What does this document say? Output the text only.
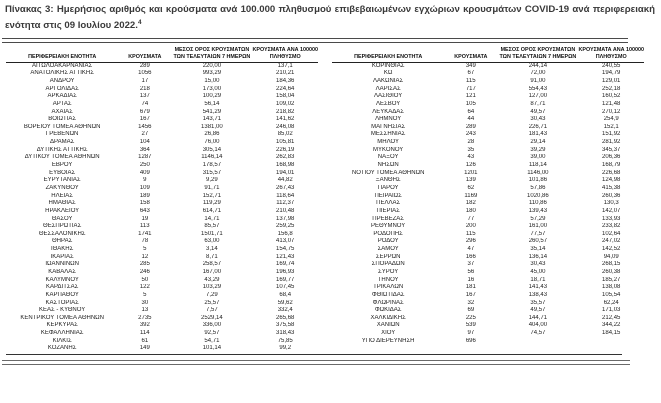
Πίνακας 3: Ημερήσιος αριθμός και κρούσματα ανά 100.000 πληθυσμού επιβεβαιωμένων εγχώριων κρουσμάτων COVID-19 ανά περιφερειακή ενότητα στις 09 Ιουλίου 2022.$^4$
ΠΕΡΙΦΕΡΕΙΑΚΗ ΕΝΟΤΗΤΑ	ΚΡΟΥΣΜΑΤΑ	ΜΕΣΟΣ ΟΡΟΣ ΚΡΟΥΣΜΑΤΩΝ
ΤΩΝ ΤΕΛΕΥΤΑΙΩΝ 7 ΗΜΕΡΩΝ	ΚΡΟΥΣΜΑΤΑ ΑΝΑ 100000
ΠΛΗΘΥΣΜΟ

ΑΙΤΩΛΟΑΚΑΡΝΑΝΙΑΣ	289	220,00	137,1
ΑΝΑΤΟΛΙΚΗΣ ΑΤΤΙΚΗΣ	1056	993,29	210,21
ΑΝΔΡΟΥ	17	15,00	184,36
ΑΡΓΟΛΙΔΑΣ	218	173,00	224,64
ΑΡΚΑΔΙΑΣ	137	100,29	158,04
ΑΡΤΑΣ	74	56,14	109,02
ΑΧΑΪΑΣ	679	541,29	218,82
ΒΟΙΩΤΙΑΣ	167	143,71	141,62
ΒΟΡΕΙΟΥ ΤΟΜΕΑ ΑΘΗΝΩΝ	1456	1381,00	246,08
ΓΡΕΒΕΝΩΝ	27	26,86	85,02
ΔΡΑΜΑΣ	104	76,00	105,81
ΔΥΤΙΚΗΣ ΑΤΤΙΚΗΣ	364	305,14	226,19
ΔΥΤΙΚΟΥ ΤΟΜΕΑ ΑΘΗΝΩΝ	1287	1146,14	262,83
ΕΒΡΟΥ	250	178,57	168,98
ΕΥΒΟΙΑΣ	409	315,57	194,01
ΕΥΡΥΤΑΝΙΑΣ	9	9,29	44,82
ΖΑΚΥΝΘΟΥ	109	91,71	267,43
ΗΛΕΙΑΣ	189	152,71	118,64
ΗΜΑΘΙΑΣ	158	119,29	112,37
ΗΡΑΚΛΕΙΟΥ	643	614,71	210,48
ΘΑΣΟΥ	19	14,71	137,98
ΘΕΣΠΡΩΤΙΑΣ	113	85,57	259,25
ΘΕΣΣΑΛΟΝΙΚΗΣ	1741	1501,71	156,8
ΘΗΡΑΣ	78	63,00	413,07
ΙΘΑΚΗΣ	5	3,14	154,75
ΙΚΑΡΙΑΣ	12	8,71	121,43
ΙΩΑΝΝΙΝΩΝ	285	258,57	169,74
ΚΑΒΑΛΑΣ	246	167,00	196,93
ΚΑΛΥΜΝΟΥ	50	43,29	169,77
ΚΑΡΔΙΤΣΑΣ	122	103,29	107,45
ΚΑΡΠΑΘΟΥ	5	7,29	68,4
ΚΑΣΤΟΡΙΑΣ	30	25,57	59,62
ΚΕΑΣ - ΚΥΘΝΟΥ	13	7,57	332,4
ΚΕΝΤΡΙΚΟΥ ΤΟΜΕΑ ΑΘΗΝΩΝ	2735	2529,14	265,68
ΚΕΡΚΥΡΑΣ	392	336,00	375,58
ΚΕΦΑΛΛΗΝΙΑΣ	114	92,57	318,43
ΚΙΛΚΙΣ	61	54,71	75,85
ΚΟΖΑΝΗΣ	149	101,14	99,2
ΠΕΡΙΦΕΡΕΙΑΚΗ ΕΝΟΤΗΤΑ	ΚΡΟΥΣΜΑΤΑ	ΜΕΣΟΣ ΟΡΟΣ ΚΡΟΥΣΜΑΤΩΝ
ΤΩΝ ΤΕΛΕΥΤΑΙΩΝ 7 ΗΜΕΡΩΝ	ΚΡΟΥΣΜΑΤΑ ΑΝΑ 100000
ΠΛΗΘΥΣΜΟ

ΚΟΡΙΝΘΙΑΣ	349	244,14	240,55
ΚΩ	67	72,00	194,79
ΛΑΚΩΝΙΑΣ	115	91,00	129,01
ΛΑΡΙΣΑΣ	717	554,43	252,18
ΛΑΣΙΘΙΟΥ	121	127,00	160,52
ΛΕΣΒΟΥ	105	87,71	121,48
ΛΕΥΚΑΔΑΣ	64	49,57	270,12
ΛΗΜΝΟΥ	44	30,43	254,9
ΜΑΓΝΗΣΙΑΣ	289	226,71	152,1
ΜΕΣΣΗΝΙΑΣ	243	181,43	151,92
ΜΗΛΟΥ	28	29,14	281,92
ΜΥΚΟΝΟΥ	35	39,29	345,37
ΝΑΞΟΥ	43	39,00	206,36
ΝΗΣΩΝ	126	118,14	168,79
ΝΟΤΙΟΥ ΤΟΜΕΑ ΑΘΗΝΩΝ	1201	1146,00	226,68
ΞΑΝΘΗΣ	139	101,86	124,98
ΠΑΡΟΥ	62	57,86	415,38
ΠΕΙΡΑΙΩΣ	1169	1020,86	260,36
ΠΕΛΛΑΣ	182	110,86	130,3
ΠΙΕΡΙΑΣ	180	139,43	142,07
ΠΡΕΒΕΖΑΣ	77	57,29	133,93
ΡΕΘΥΜΝΟΥ	200	161,00	233,82
ΡΟΔΟΠΗΣ	115	77,57	102,64
ΡΟΔΟΥ	296	260,57	247,02
ΣΑΜΟΥ	47	35,14	142,52
ΣΕΡΡΩΝ	166	136,14	94,09
ΣΠΟΡΑΔΩΝ	37	30,43	268,15
ΣΥΡΟΥ	56	45,00	260,38
ΤΗΝΟΥ	16	18,71	185,27
ΤΡΙΚΑΛΩΝ	181	141,43	138,08
ΦΘΙΩΤΙΔΑΣ	167	138,43	105,54
ΦΛΩΡΙΝΑΣ	32	35,57	62,24
ΦΩΚΙΔΑΣ	69	49,57	171,03
ΧΑΛΚΙΔΙΚΗΣ	225	144,71	212,45
ΧΑΝΙΩΝ	539	404,00	344,22
ΧΙΟΥ	97	74,57	184,15
ΥΠΟ ΔΙΕΡΕΥΝΗΣΗ	696		
